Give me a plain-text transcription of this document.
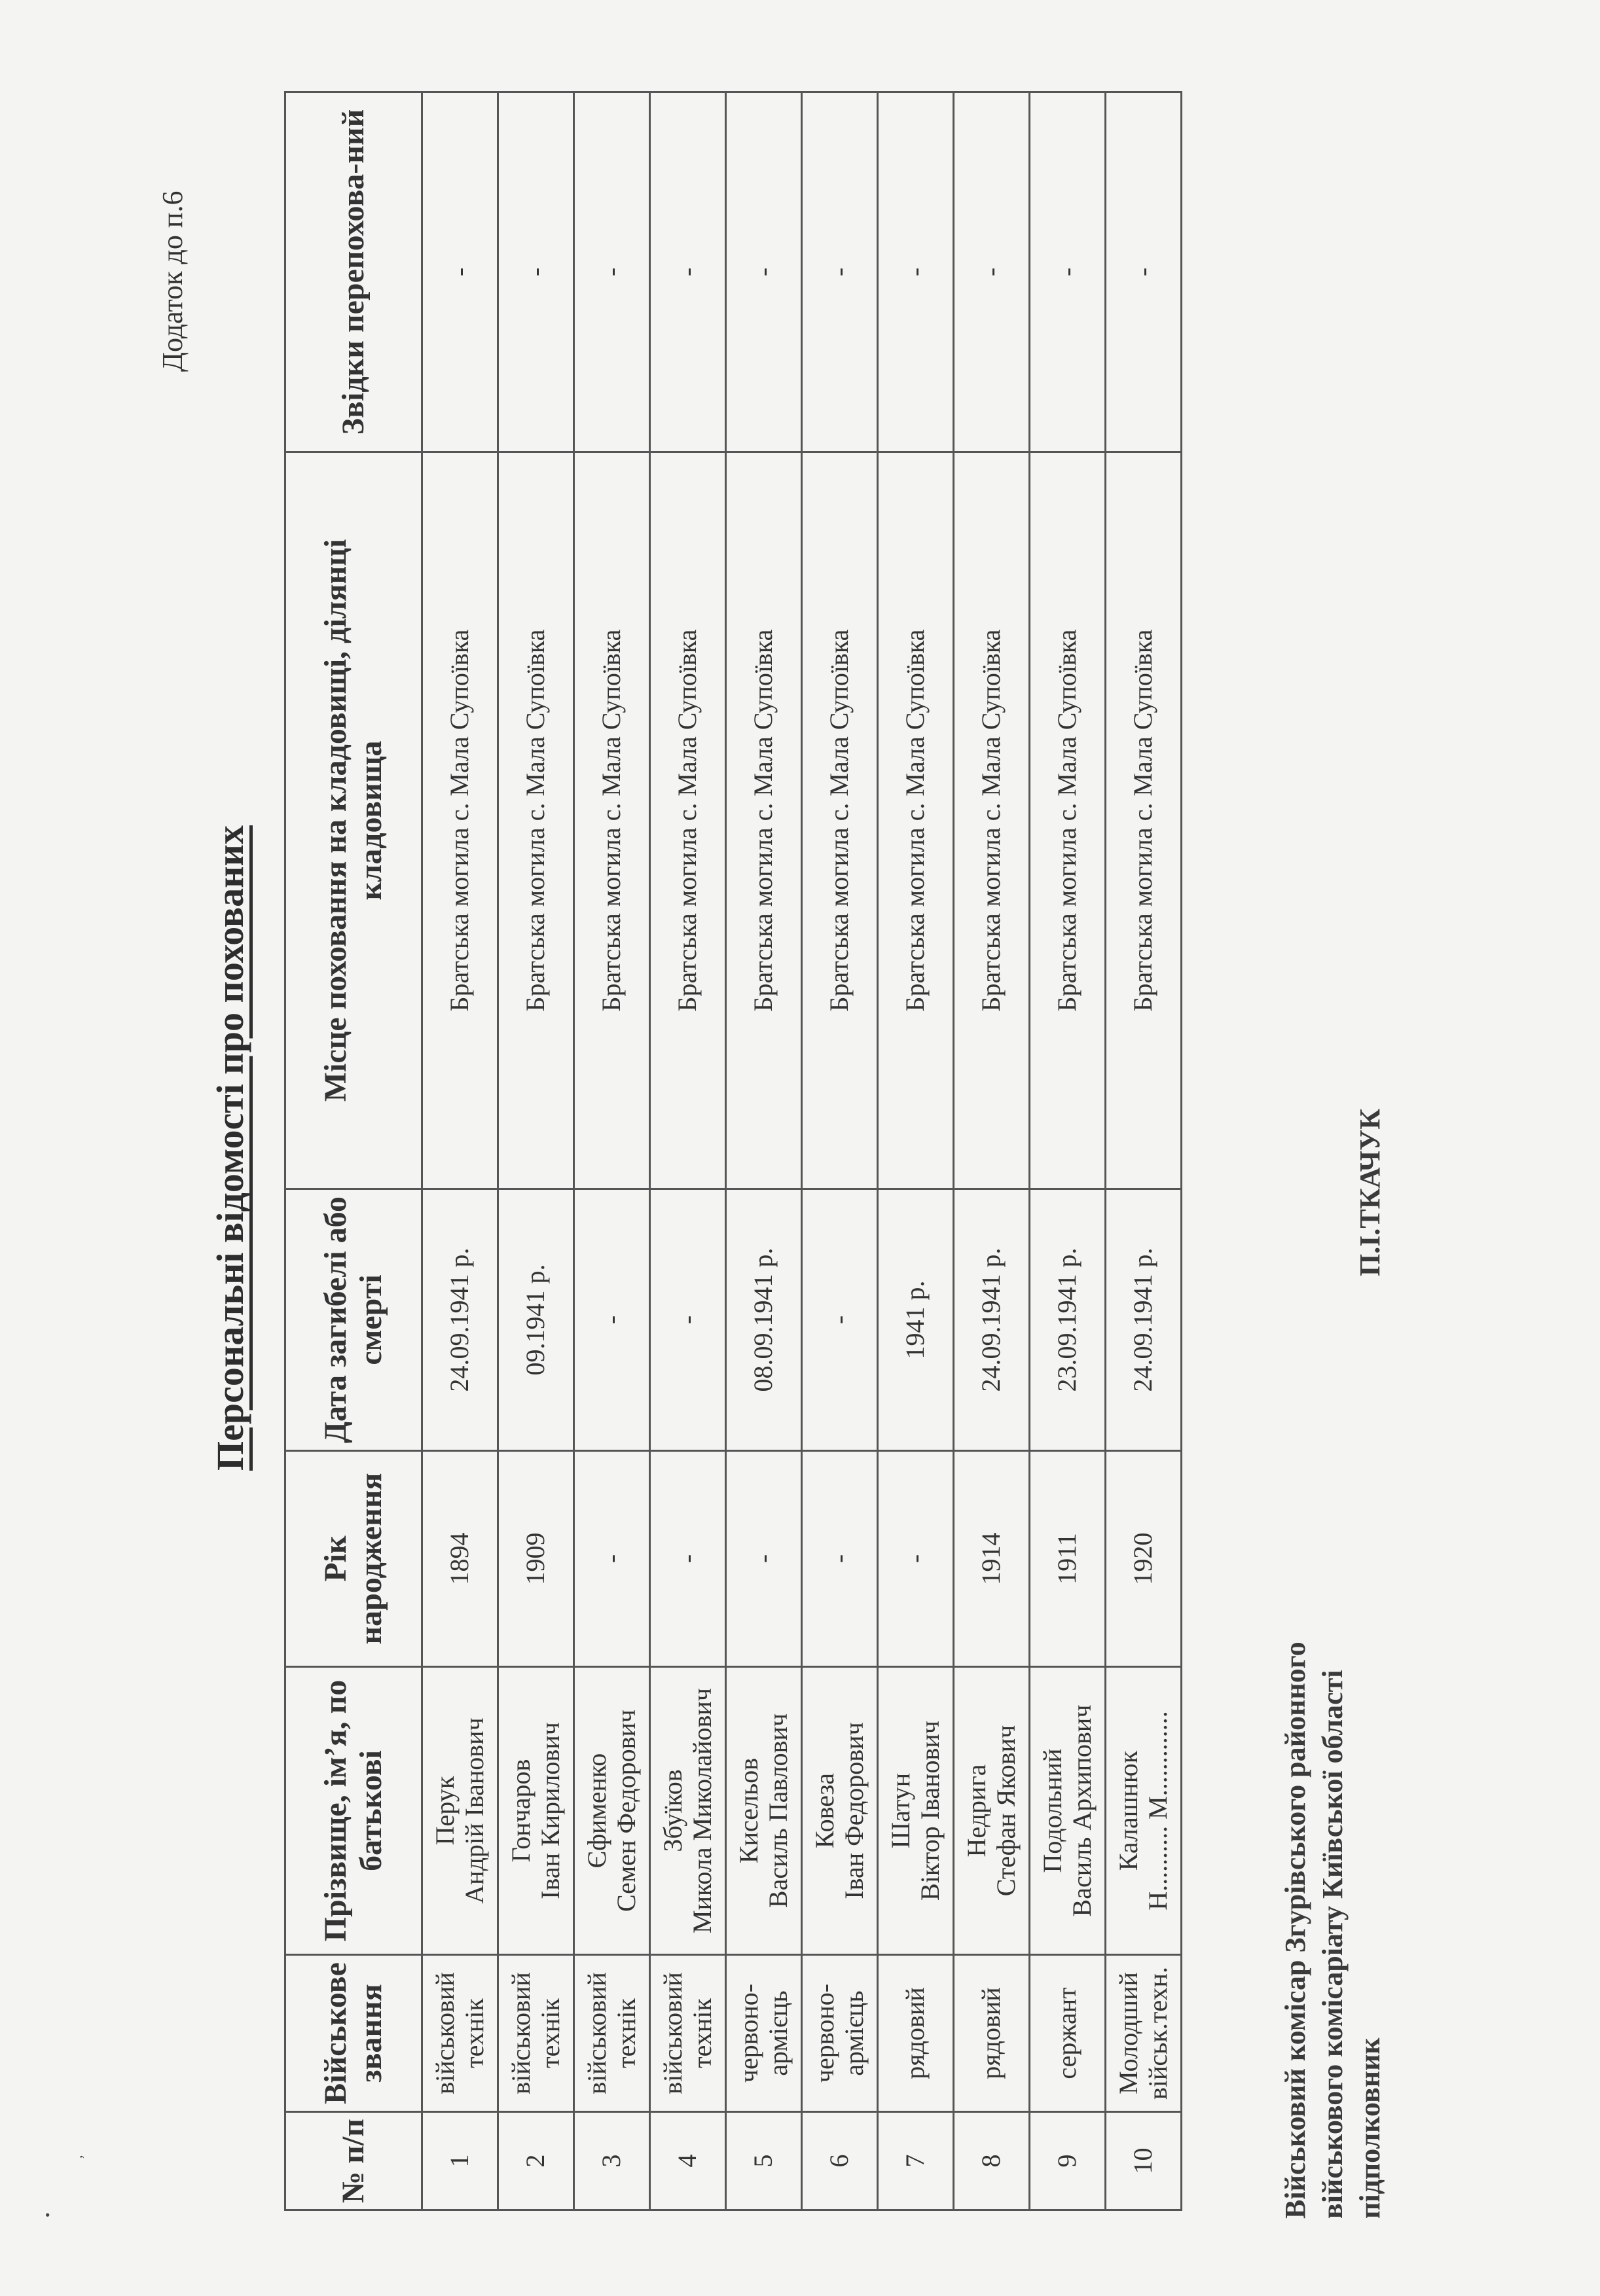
Додаток до п.6
Персональні відомості про похованих
№ п/п	Військове звання	Прізвище, ім’я, по батькові	Рік народження	Дата загибелі або смерті	Місце поховання на кладовищі, ділянці кладовища	Звідки перепохова-ний
1	військовий технік	Перук Андрій Іванович	1894	24.09.1941 р.	Братська могила с. Мала Супоївка	-
2	військовий технік	Гончаров Іван Кирилович	1909	09.1941 р.	Братська могила с. Мала Супоївка	-
3	військовий технік	Єфименко Семен Федорович	-	-	Братська могила с. Мала Супоївка	-
4	військовий технік	Збуїков Микола Миколайович	-	-	Братська могила с. Мала Супоївка	-
5	червоно-армієць	Кисельов Василь Павлович	-	08.09.1941 р.	Братська могила с. Мала Супоївка	-
6	червоно-армієць	Ковеза Іван Федорович	-	-	Братська могила с. Мала Супоївка	-
7	рядовий	Шатун Віктор Іванович	-	1941 р.	Братська могила с. Мала Супоївка	-
8	рядовий	Недрига Стефан Якович	1914	24.09.1941 р.	Братська могила с. Мала Супоївка	-
9	сержант	Подольний Василь Архипович	1911	23.09.1941 р.	Братська могила с. Мала Супоївка	-
10	Молодший військ.техн.	Калашнюк Н.......... М.............	1920	24.09.1941 р.	Братська могила с. Мала Супоївка	-
Військовий комісар Згурівського районного військового комісаріату Київської області підполковник
П.І.ТКАЧУК
•
,
